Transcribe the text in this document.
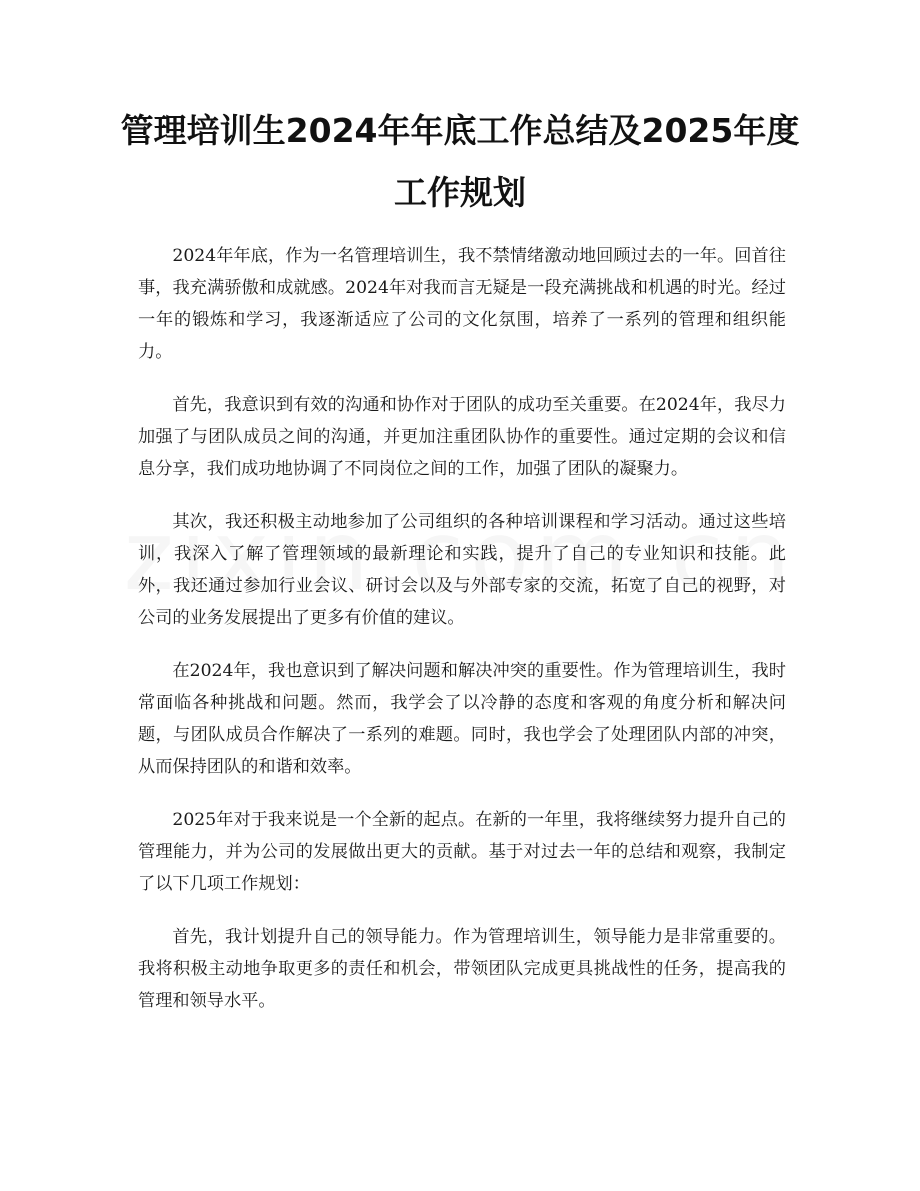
管理培训生2024年年底工作总结及2025年度工作规划

2024年年底，作为一名管理培训生，我不禁情绪激动地回顾过去的一年。回首往事，我充满骄傲和成就感。2024年对我而言无疑是一段充满挑战和机遇的时光。经过一年的锻炼和学习，我逐渐适应了公司的文化氛围，培养了一系列的管理和组织能力。

首先，我意识到有效的沟通和协作对于团队的成功至关重要。在2024年，我尽力加强了与团队成员之间的沟通，并更加注重团队协作的重要性。通过定期的会议和信息分享，我们成功地协调了不同岗位之间的工作，加强了团队的凝聚力。

其次，我还积极主动地参加了公司组织的各种培训课程和学习活动。通过这些培训，我深入了解了管理领域的最新理论和实践，提升了自己的专业知识和技能。此外，我还通过参加行业会议、研讨会以及与外部专家的交流，拓宽了自己的视野，对公司的业务发展提出了更多有价值的建议。

在2024年，我也意识到了解决问题和解决冲突的重要性。作为管理培训生，我时常面临各种挑战和问题。然而，我学会了以冷静的态度和客观的角度分析和解决问题，与团队成员合作解决了一系列的难题。同时，我也学会了处理团队内部的冲突，从而保持团队的和谐和效率。

2025年对于我来说是一个全新的起点。在新的一年里，我将继续努力提升自己的管理能力，并为公司的发展做出更大的贡献。基于对过去一年的总结和观察，我制定了以下几项工作规划：

首先，我计划提升自己的领导能力。作为管理培训生，领导能力是非常重要的。我将积极主动地争取更多的责任和机会，带领团队完成更具挑战性的任务，提高我的管理和领导水平。
